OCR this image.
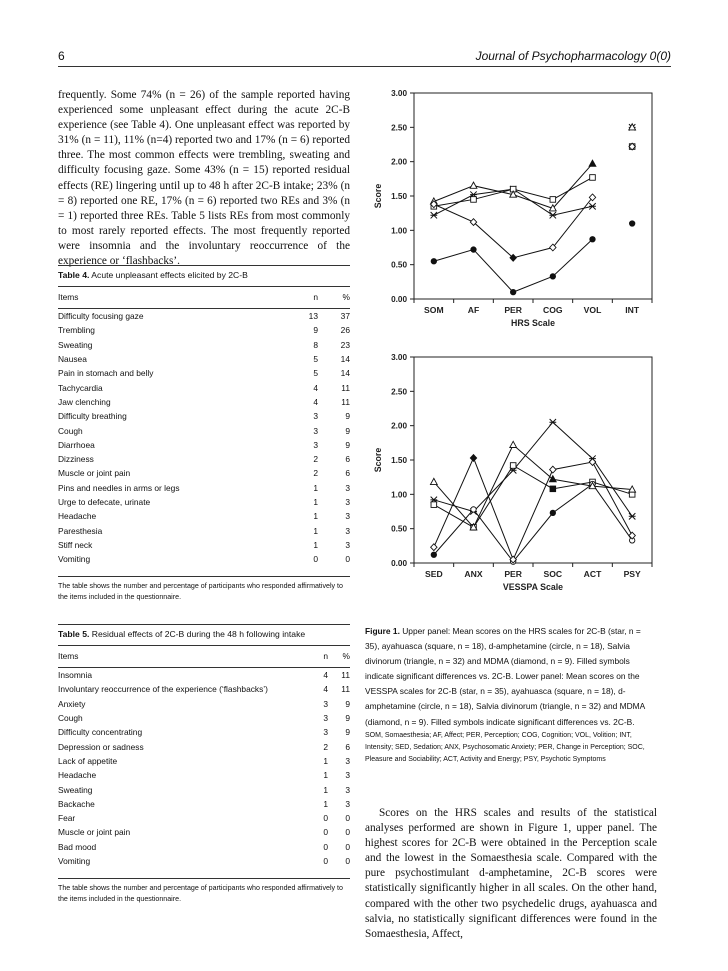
6	Journal of Psychopharmacology 0(0)
frequently. Some 74% (n = 26) of the sample reported having experienced some unpleasant effect during the acute 2C-B experience (see Table 4). One unpleasant effect was reported by 31% (n = 11), 11% (n=4) reported two and 17% (n = 6) reported three. The most common effects were trembling, sweating and difficulty focusing gaze. Some 43% (n = 15) reported residual effects (RE) lingering until up to 48 h after 2C-B intake; 23% (n = 8) reported one RE, 17% (n = 6) reported two REs and 3% (n = 1) reported three REs. Table 5 lists REs from most commonly to most rarely reported effects. The most frequently reported were insomnia and the involuntary reoccurrence of the experience or ‘flashbacks’.
Table 4. Acute unpleasant effects elicited by 2C-B
Items	n	%
Difficulty focusing gaze	13	37
Trembling	9	26
Sweating	8	23
Nausea	5	14
Pain in stomach and belly	5	14
Tachycardia	4	11
Jaw clenching	4	11
Difficulty breathing	3	9
Cough	3	9
Diarrhoea	3	9
Dizziness	2	6
Muscle or joint pain	2	6
Pins and needles in arms or legs	1	3
Urge to defecate, urinate	1	3
Headache	1	3
Paresthesia	1	3
Stiff neck	1	3
Vomiting	0	0
The table shows the number and percentage of participants who responded affirmatively to the items included in the questionnaire.
Table 5. Residual effects of 2C-B during the 48 h following intake
Items	n	%
Insomnia	4	11
Involuntary reoccurrence of the experience (‘flashbacks’)	4	11
Anxiety	3	9
Cough	3	9
Difficulty concentrating	3	9
Depression or sadness	2	6
Lack of appetite	1	3
Headache	1	3
Sweating	1	3
Backache	1	3
Fear	0	0
Muscle or joint pain	0	0
Bad mood	0	0
Vomiting	0	0
The table shows the number and percentage of participants who responded affirmatively to the items included in the questionnaire.
0.00
0.50
1.00
1.50
2.00
2.50
3.00
SOM	AF	PER COG VOL	INT
HRS Scale
Score
0.00
0.50
1.00
1.50
2.00
2.50
3.00
SED	ANX	PER	SOC	ACT	PSY
VESSPA Scale
Score
Figure 1. Upper panel: Mean scores on the HRS scales for 2C-B (star, n = 35), ayahuasca (square, n = 18), d-amphetamine (circle, n = 18), Salvia divinorum (triangle, n = 32) and MDMA (diamond, n = 9). Filled symbols indicate significant differences vs. 2C-B. Lower panel: Mean scores on the VESSPA scales for 2C-B (star, n = 35), ayahuasca (square, n = 18), d-amphetamine (circle, n = 18), Salvia divinorum (triangle, n = 32) and MDMA (diamond, n = 9). Filled symbols indicate significant differences vs. 2C-B.
SOM, Somaesthesia; AF, Affect; PER, Perception; COG, Cognition; VOL, Volition; INT, Intensity; SED, Sedation; ANX, Psychosomatic Anxiety; PER, Change in Perception; SOC, Pleasure and Sociability; ACT, Activity and Energy; PSY, Psychotic Symptoms
Scores on the HRS scales and results of the statistical analyses performed are shown in Figure 1, upper panel. The highest scores for 2C-B were obtained in the Perception scale and the lowest in the Somaesthesia scale. Compared with the pure psychostimulant d-amphetamine, 2C-B scores were statistically significantly higher in all scales. On the other hand, compared with the other two psychedelic drugs, ayahuasca and salvia, no statistically significant differences were found in the Somaesthesia, Affect,
